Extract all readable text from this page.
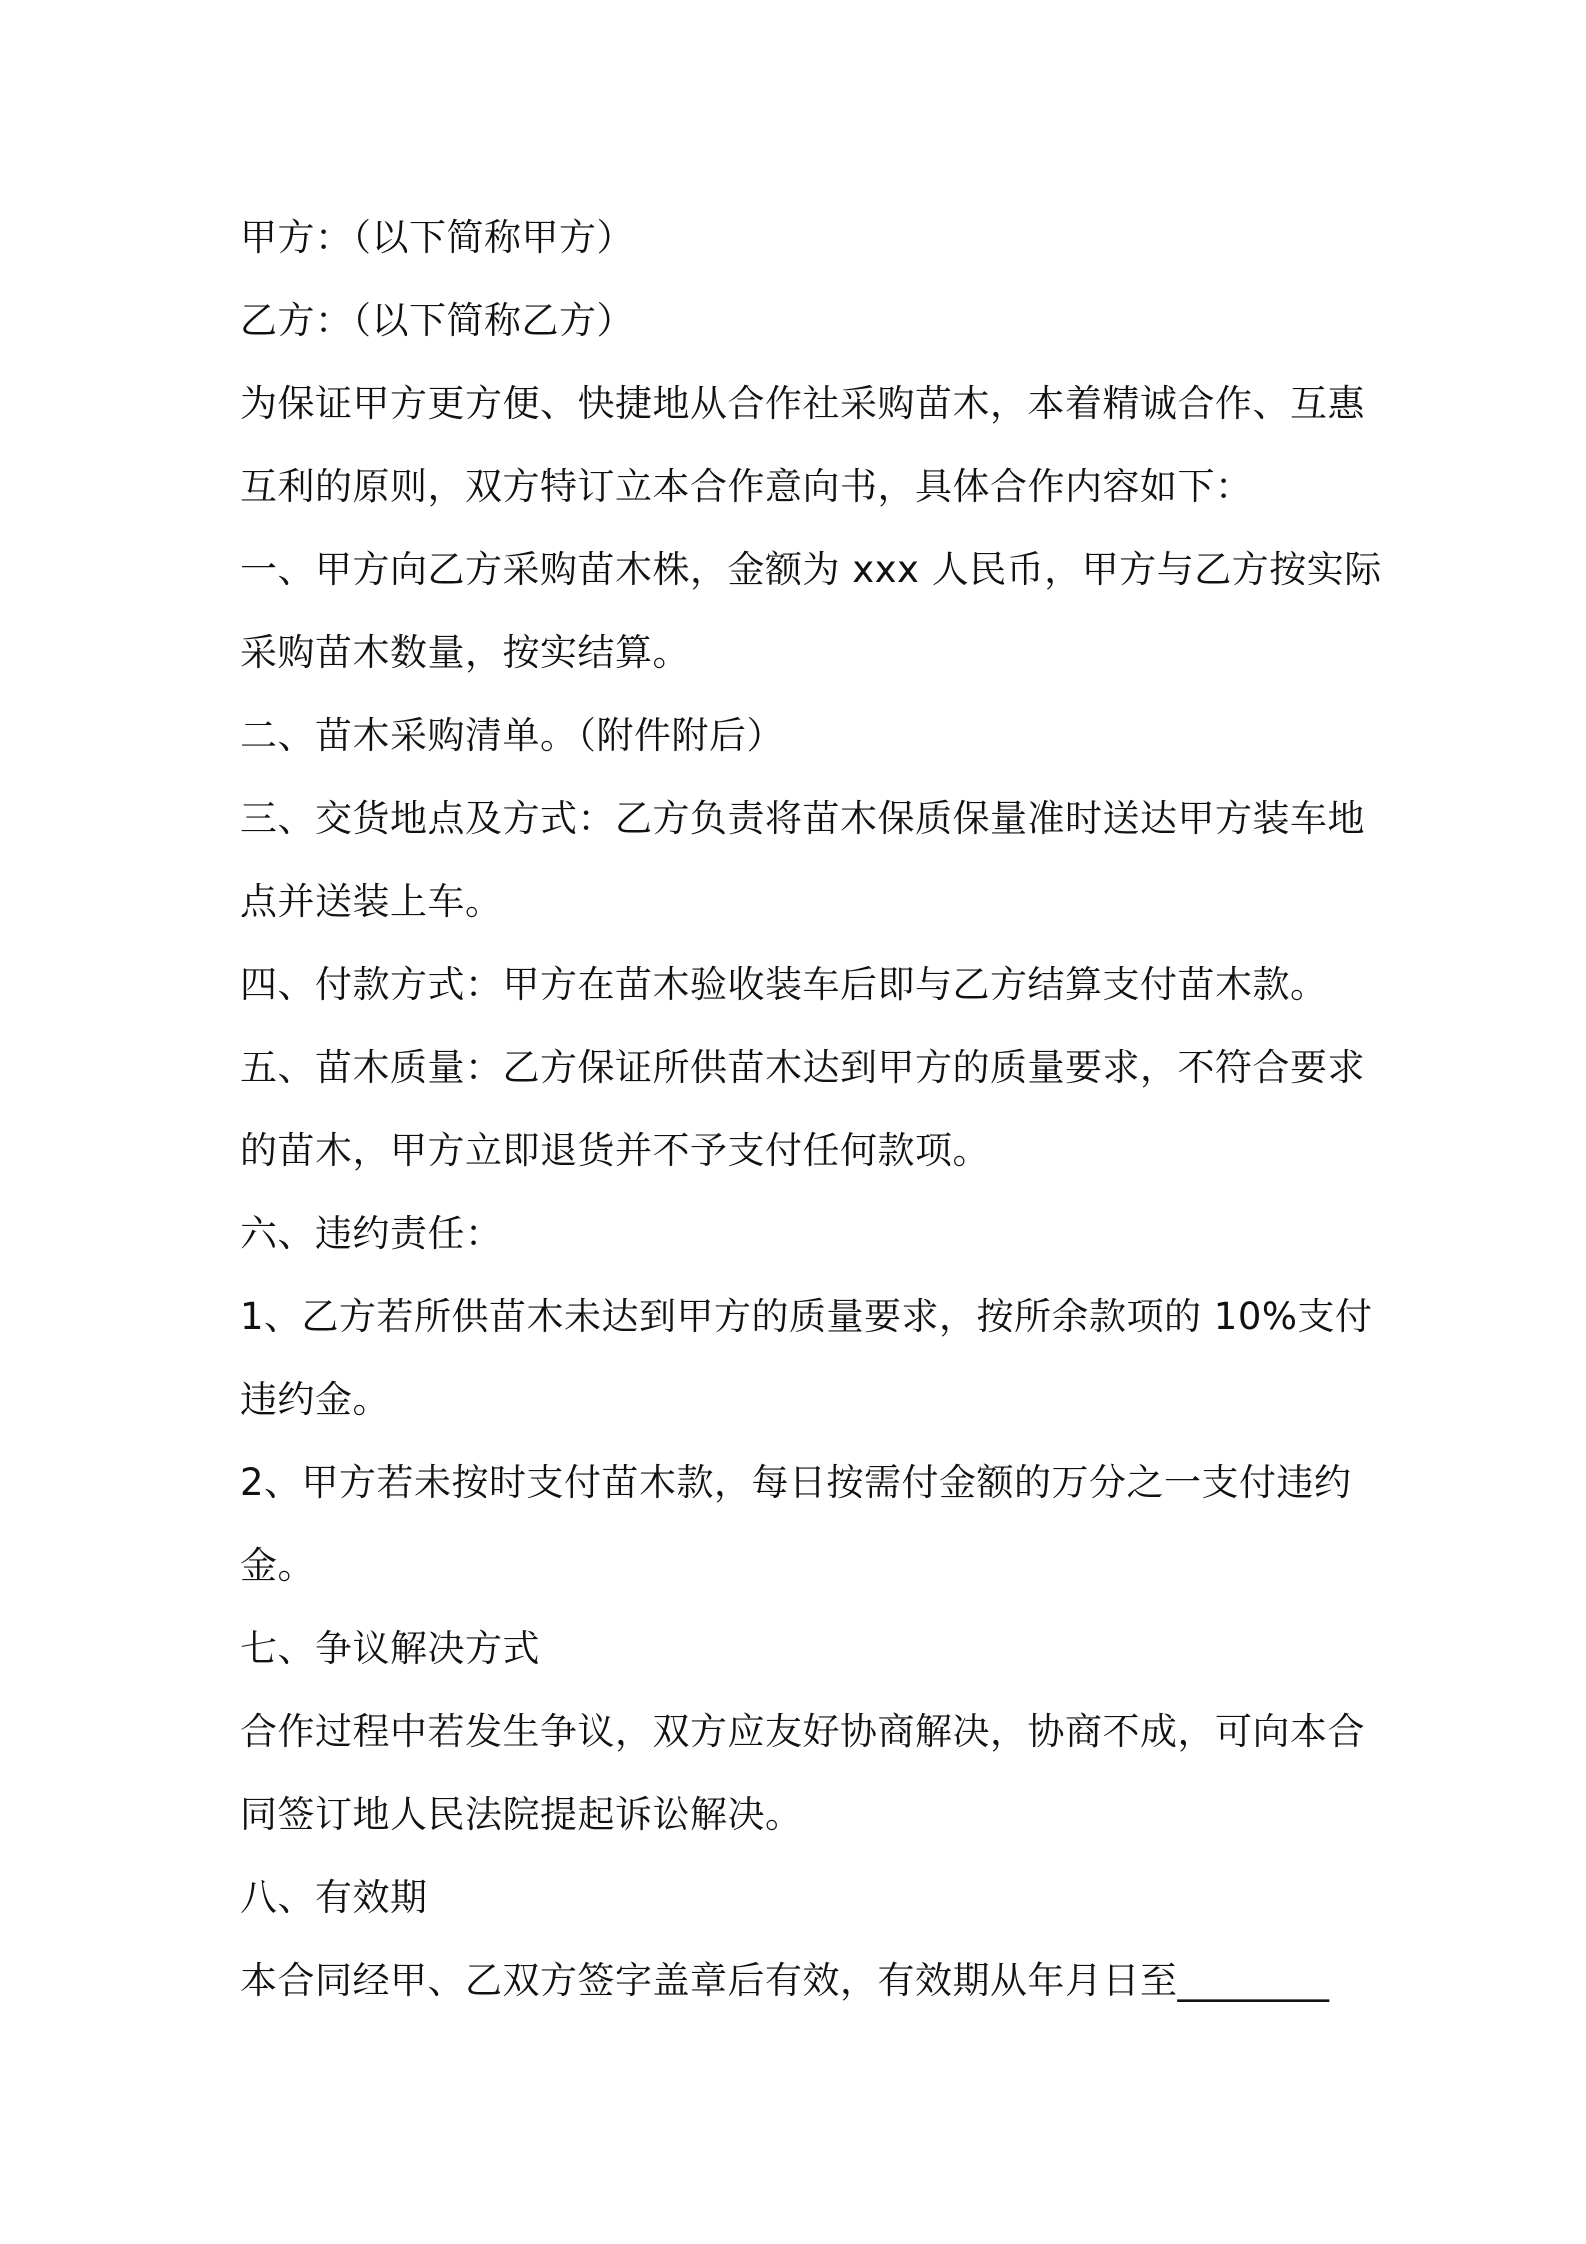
甲方：（以下简称甲方）
乙方：（以下简称乙方）
为保证甲方更方便、快捷地从合作社采购苗木，本着精诚合作、互惠
互利的原则，双方特订立本合作意向书，具体合作内容如下：
一、甲方向乙方采购苗木株，金额为 xxx 人民币，甲方与乙方按实际
采购苗木数量，按实结算。
二、苗木采购清单。（附件附后）
三、交货地点及方式：乙方负责将苗木保质保量准时送达甲方装车地
点并送装上车。
四、付款方式：甲方在苗木验收装车后即与乙方结算支付苗木款。
五、苗木质量：乙方保证所供苗木达到甲方的质量要求，不符合要求
的苗木，甲方立即退货并不予支付任何款项。
六、违约责任：
1、乙方若所供苗木未达到甲方的质量要求，按所余款项的 10%支付
违约金。
2、甲方若未按时支付苗木款，每日按需付金额的万分之一支付违约
金。
七、争议解决方式
合作过程中若发生争议，双方应友好协商解决，协商不成，可向本合
同签订地人民法院提起诉讼解决。
八、有效期
本合同经甲、乙双方签字盖章后有效，有效期从年月日至________
